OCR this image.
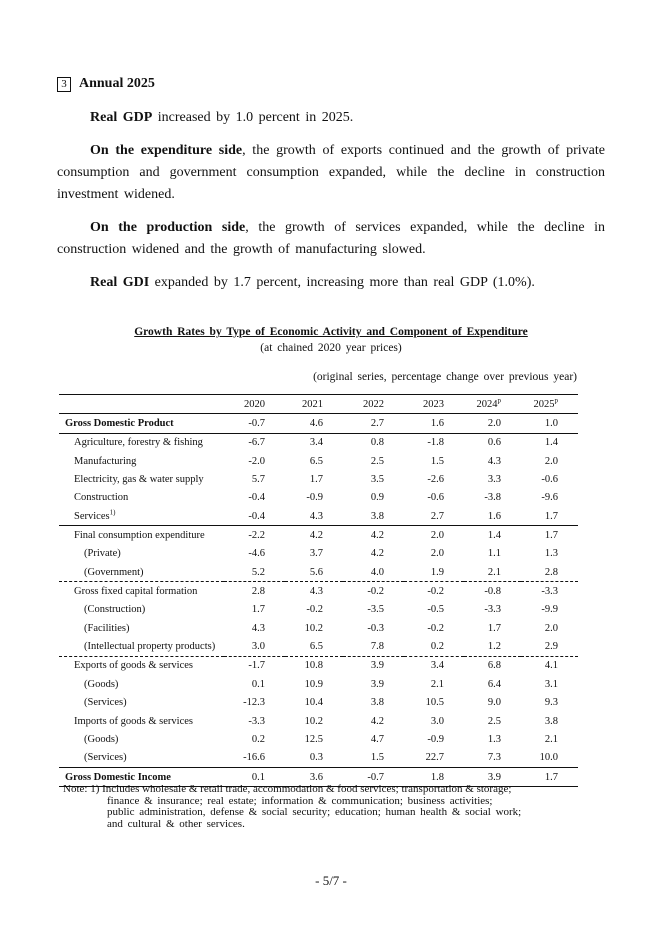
3 Annual 2025
Real GDP increased by 1.0 percent in 2025.
On the expenditure side, the growth of exports continued and the growth of private consumption and government consumption expanded, while the decline in construction investment widened.
On the production side, the growth of services expanded, while the decline in construction widened and the growth of manufacturing slowed.
Real GDI expanded by 1.7 percent, increasing more than real GDP (1.0%).
Growth Rates by Type of Economic Activity and Component of Expenditure
(at chained 2020 year prices)
(original series, percentage change over previous year)
	2020	2021	2022	2023	2024$^p$	2025$^p$
Gross Domestic Product	-0.7	4.6	2.7	1.6	2.0	1.0
Agriculture, forestry & fishing	-6.7	3.4	0.8	-1.8	0.6	1.4
Manufacturing	-2.0	6.5	2.5	1.5	4.3	2.0
Electricity, gas & water supply	5.7	1.7	3.5	-2.6	3.3	-0.6
Construction	-0.4	-0.9	0.9	-0.6	-3.8	-9.6
Services$^{1)}$	-0.4	4.3	3.8	2.7	1.6	1.7
Final consumption expenditure	-2.2	4.2	4.2	2.0	1.4	1.7
(Private)	-4.6	3.7	4.2	2.0	1.1	1.3
(Government)	5.2	5.6	4.0	1.9	2.1	2.8
Gross fixed capital formation	2.8	4.3	-0.2	-0.2	-0.8	-3.3
(Construction)	1.7	-0.2	-3.5	-0.5	-3.3	-9.9
(Facilities)	4.3	10.2	-0.3	-0.2	1.7	2.0
(Intellectual property products)	3.0	6.5	7.8	0.2	1.2	2.9
Exports of goods & services	-1.7	10.8	3.9	3.4	6.8	4.1
(Goods)	0.1	10.9	3.9	2.1	6.4	3.1
(Services)	-12.3	10.4	3.8	10.5	9.0	9.3
Imports of goods & services	-3.3	10.2	4.2	3.0	2.5	3.8
(Goods)	0.2	12.5	4.7	-0.9	1.3	2.1
(Services)	-16.6	0.3	1.5	22.7	7.3	10.0
Gross Domestic Income	0.1	3.6	-0.7	1.8	3.9	1.7
Note: 1) Includes wholesale & retail trade, accommodation & food services; transportation & storage;
finance & insurance; real estate; information & communication; business activities;
public administration, defense & social security; education; human health & social work;
and cultural & other services.
- 5/7 -
